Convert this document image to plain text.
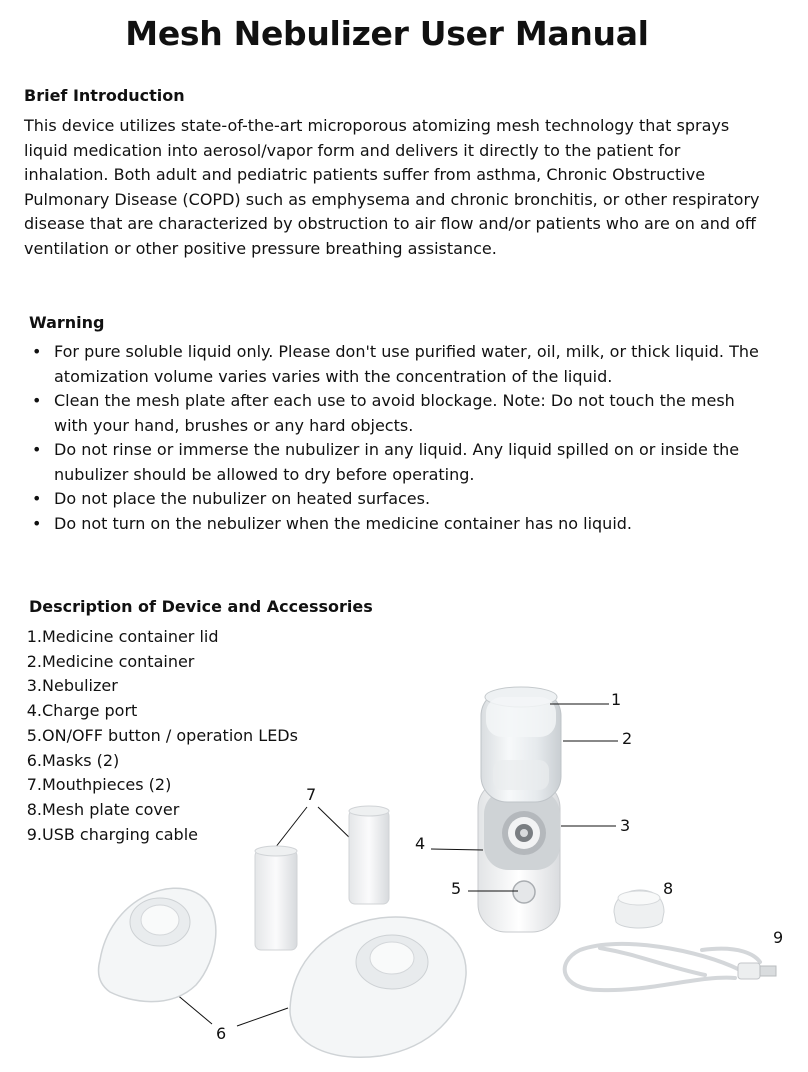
Mesh Nebulizer User Manual
Brief Introduction
This device utilizes state-of-the-art microporous atomizing mesh technology that sprays liquid medication into aerosol/vapor form and delivers it directly to the patient for inhalation. Both adult and pediatric patients suffer from asthma, Chronic Obstructive Pulmonary Disease (COPD) such as emphysema and chronic bronchitis, or other respiratory disease that are characterized by obstruction to air flow and/or patients who are on and off ventilation or other positive pressure breathing assistance.
Warning
• For pure soluble liquid only. Please don't use purified water, oil, milk, or thick liquid. The atomization volume varies varies with the concentration of the liquid.
• Clean the mesh plate after each use to avoid blockage. Note: Do not touch the mesh with your hand, brushes or any hard objects.
• Do not rinse or immerse the nubulizer in any liquid. Any liquid spilled on or inside the nubulizer should be allowed to dry before operating.
• Do not place the nubulizer on heated surfaces.
• Do not turn on the nebulizer when the medicine container has no liquid.
Description of Device and Accessories
1.Medicine container lid
2.Medicine container
3.Nebulizer
4.Charge port
5.ON/OFF button / operation LEDs
6.Masks (2)
7.Mouthpieces (2)
8.Mesh plate cover
9.USB charging cable
1
2
3
4
5
6
7
8
9
